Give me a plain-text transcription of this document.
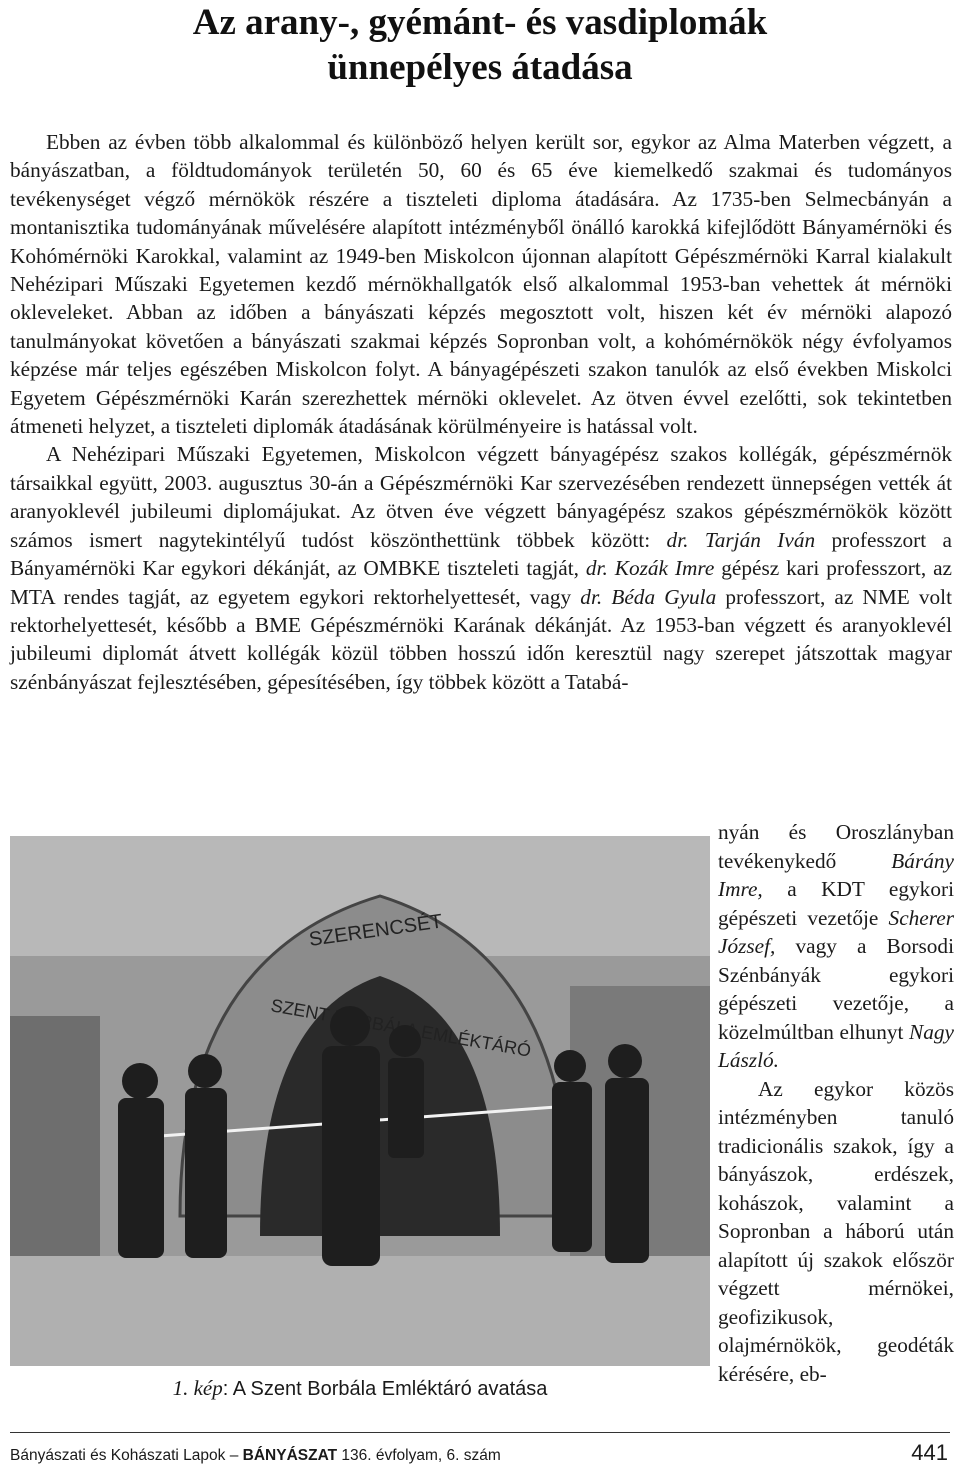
Az arany-, gyémánt- és vasdiplomák
ünnepélyes átadása

Ebben az évben több alkalommal és különböző helyen került sor, egykor az Alma Materben végzett, a bányászatban, a földtudományok területén 50, 60 és 65 éve kiemelkedő szakmai és tudományos tevékenységet végző mérnökök részére a tiszteleti diploma átadására. Az 1735-ben Selmecbányán a montanisztika tudományának művelésére alapított intézményből önálló karokká kifejlődött Bányamérnöki és Kohómérnöki Karokkal, valamint az 1949-ben Miskolcon újonnan alapított Gépészmérnöki Karral kialakult Nehézipari Műszaki Egyetemen kezdő mérnökhallgatók első alkalommal 1953-ban vehettek át mérnöki okleveleket. Abban az időben a bányászati képzés megosztott volt, hiszen két év mérnöki alapozó tanulmányokat követően a bányászati szakmai képzés Sopronban volt, a kohómérnökök négy évfolyamos képzése már teljes egészében Miskolcon folyt. A bányagépészeti szakon tanulók az első években Miskolci Egyetem Gépészmérnöki Karán szerezhettek mérnöki oklevelet. Az ötven évvel ezelőtti, sok tekintetben átmeneti helyzet, a tiszteleti diplomák átadásának körülményeire is hatással volt.

A Nehézipari Műszaki Egyetemen, Miskolcon végzett bányagépész szakos kollégák, gépészmérnök társaikkal együtt, 2003. augusztus 30-án a Gépészmérnöki Kar szervezésében rendezett ünnepségen vették át aranyoklevél jubileumi diplomájukat. Az ötven éve végzett bányagépész szakos gépészmérnökök között számos ismert nagytekintélyű tudóst köszönthettünk többek között: dr. Tarján Iván professzort a Bányamérnöki Kar egykori dékánját, az OMBKE tiszteleti tagját, dr. Kozák Imre gépész kari professzort, az MTA rendes tagját, az egyetem egykori rektorhelyettesét, vagy dr. Béda Gyula professzort, az NME volt rektorhelyettesét, később a BME Gépészmérnöki Karának dékánját. Az 1953-ban végzett és aranyoklevél jubileumi diplomát átvett kollégák közül többen hosszú időn keresztül nagy szerepet játszottak magyar szénbányászat fejlesztésében, gépesítésében, így többek között a Tatabá-

SZERENCSÉT
SZENT BORBÁLA EMLÉKTÁRÓ
1. kép: A Szent Borbála Emléktáró avatása

nyán és Oroszlányban tevékenykedő Bárány Imre, a KDT egykori gépészeti vezetője Scherer József, vagy a Borsodi Szénbányák egykori gépészeti vezetője, a közelmúltban elhunyt Nagy László.

Az egykor közös intézményben tanuló tradicionális szakok, így a bányászok, erdészek, kohászok, valamint a Sopronban a háború után alapított új szakok először végzett mérnökei, geofizikusok, olajmérnökök, geodéták kérésére, eb-

Bányászati és Kohászati Lapok – BÁNYÁSZAT 136. évfolyam, 6. szám	441
